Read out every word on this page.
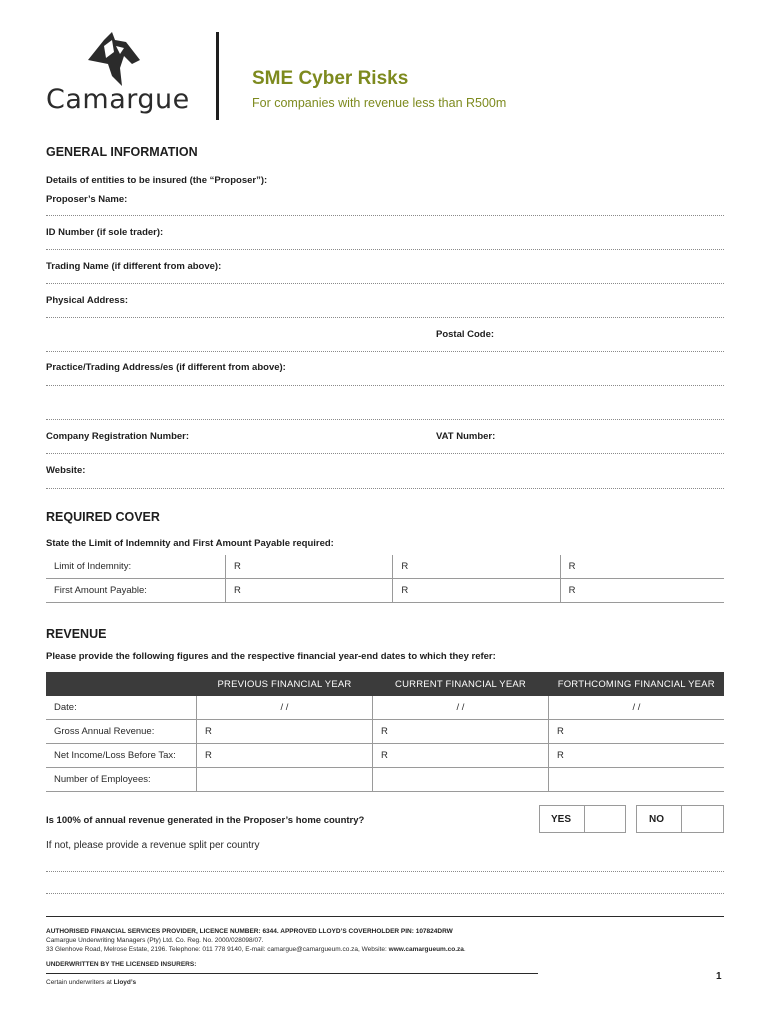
Camargue
SME Cyber Risks
For companies with revenue less than R500m
GENERAL INFORMATION
Details of entities to be insured (the “Proposer”):
Proposer’s Name:
ID Number (if sole trader):
Trading Name (if different from above):
Physical Address:
Postal Code:
Practice/Trading Address/es (if different from above):
Company Registration Number:	VAT Number:
Website:
REQUIRED COVER
State the Limit of Indemnity and First Amount Payable required:
Limit of Indemnity:	R	R	R
First Amount Payable:	R	R	R
REVENUE
Please provide the following figures and the respective financial year-end dates to which they refer:
	PREVIOUS FINANCIAL YEAR	CURRENT FINANCIAL YEAR	FORTHCOMING FINANCIAL YEAR
Date:	/ /	/ /	/ /
Gross Annual Revenue:	R	R	R
Net Income/Loss Before Tax:	R	R	R
Number of Employees:			
Is 100% of annual revenue generated in the Proposer’s home country?	YES	NO
If not, please provide a revenue split per country
AUTHORISED FINANCIAL SERVICES PROVIDER, LICENCE NUMBER: 6344. APPROVED LLOYD’S COVERHOLDER PIN: 107824DRW
Camargue Underwriting Managers (Pty) Ltd. Co. Reg. No. 2000/028098/07.
33 Glenhove Road, Melrose Estate, 2196. Telephone: 011 778 9140, E-mail: camargue@camargueum.co.za, Website: www.camargueum.co.za.
UNDERWRITTEN BY THE LICENSED INSURERS:
Certain underwriters at Lloyd’s
1
